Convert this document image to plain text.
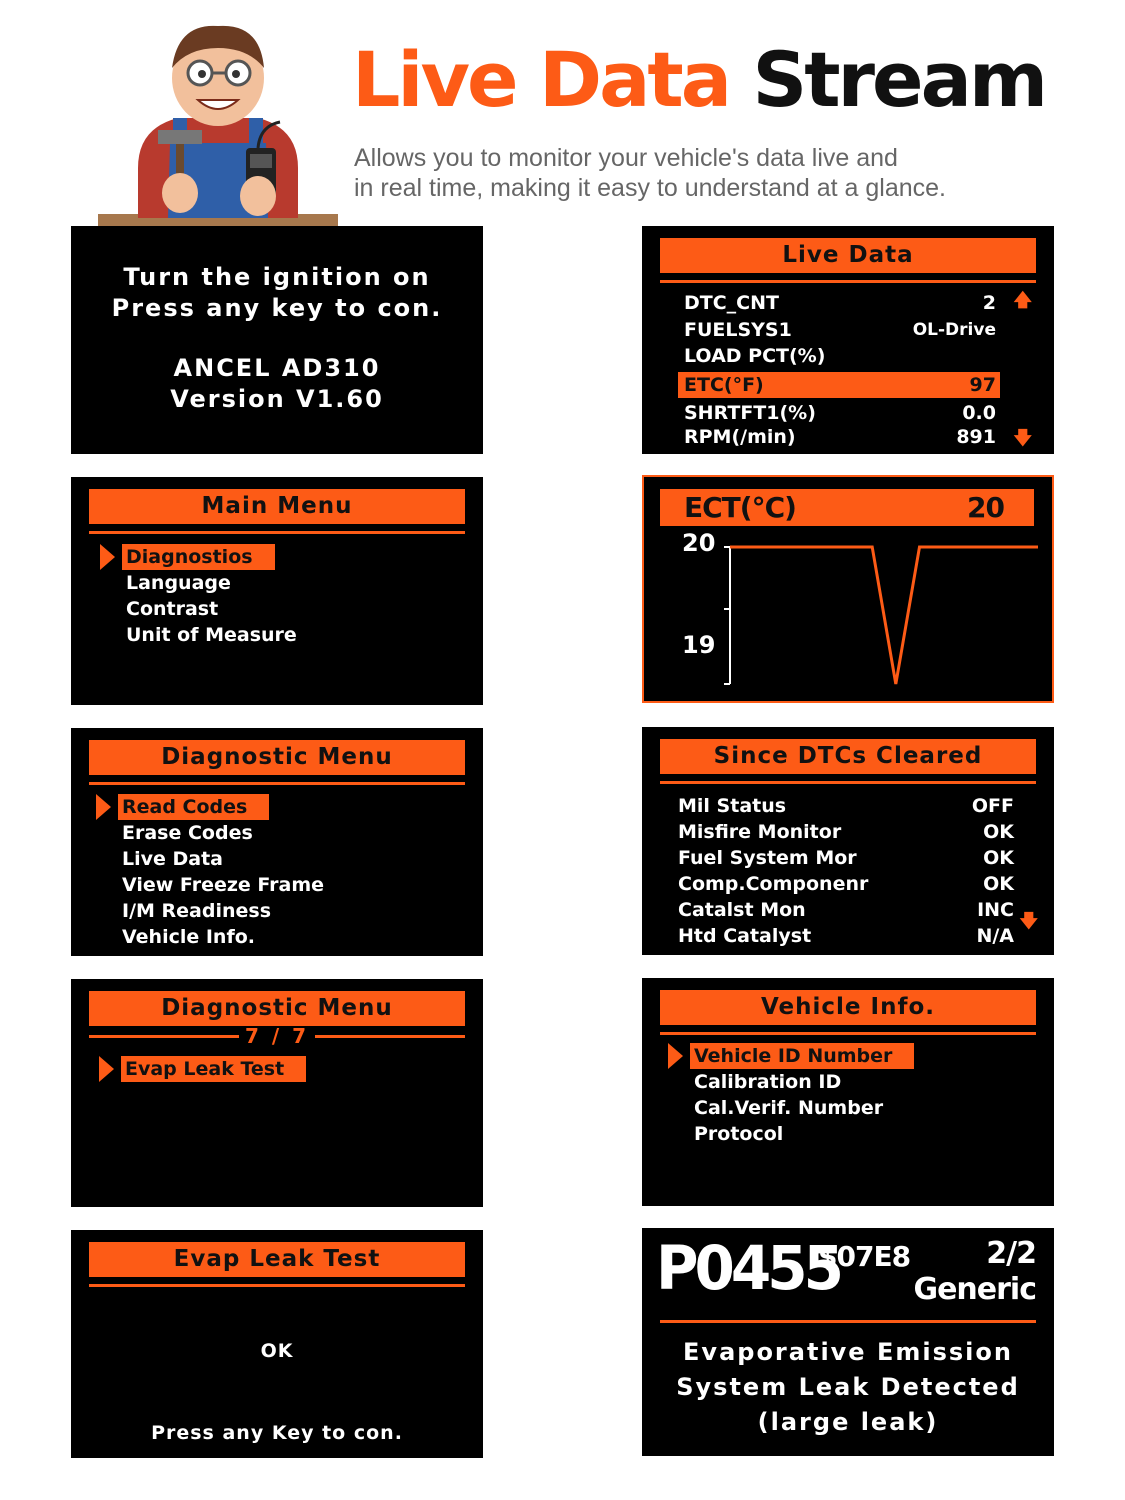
Live Data Stream
Allows you to monitor your vehicle's data live and
in real time, making it easy to understand at a glance.
Turn the ignition on
Press any key to con.
ANCEL AD310
Version V1.60
Live Data
DTC_CNT	2 🡅
FUELSYS1	OL-Drive
LOAD PCT(%)
ETC(°F)	97
SHRTFT1(%)	0.0
RPM(/min)	891 🡇
Main Menu
Diagnostios
Language
Contrast
Unit of Measure
ECT(°C)	20
20
19
Diagnostic Menu
Read Codes
Erase Codes
Live Data
View Freeze Frame
I/M Readiness
Vehicle Info.
Since DTCs Cleared
Mil Status	OFF
Misfire Monitor	OK
Fuel System Mor	OK
Comp.Componenr	OK
Catalst Mon	INC
Htd Catalyst	N/A
🡇
Diagnostic Menu
7 / 7
Evap Leak Test
Vehicle Info.
Vehicle ID Number
Calibration ID
Cal.Verif. Number
Protocol
Evap Leak Test
OK
Press any Key to con.
P0455
$07E8	2/2
Generic
Evaporative Emission
System Leak Detected
(large leak)
